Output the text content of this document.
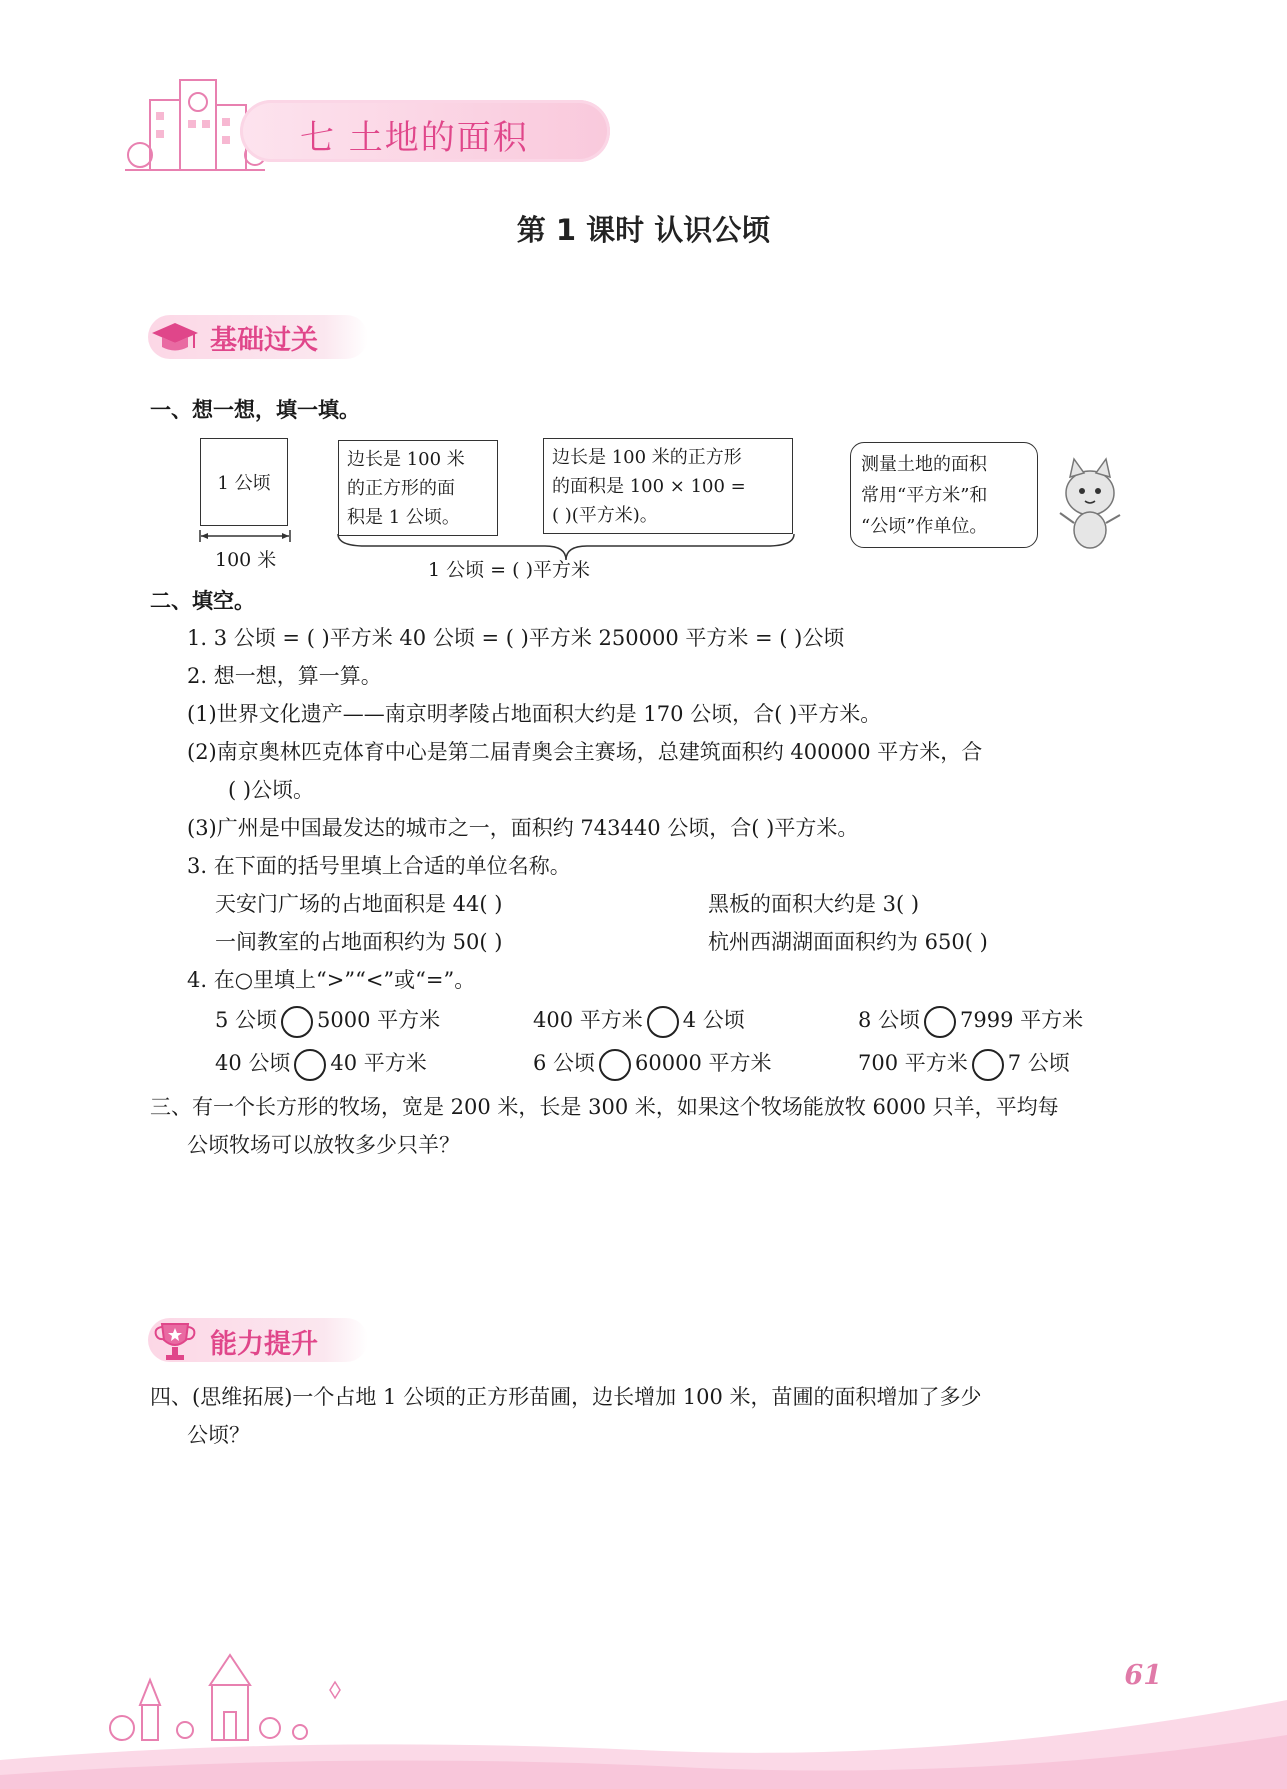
七 土地的面积
第 1 课时 认识公顷
基础过关
一、想一想，填一填。
1 公顷
100 米
边长是 100 米
的正方形的面
积是 1 公顷。
边长是 100 米的正方形
的面积是 100 × 100 =
( )(平方米)。
1 公顷 = ( )平方米
测量土地的面积
常用“平方米”和
“公顷”作单位。
二、填空。
1. 3 公顷 = ( )平方米 40 公顷 = ( )平方米 250000 平方米 = ( )公顷
2. 想一想，算一算。
(1)世界文化遗产——南京明孝陵占地面积大约是 170 公顷，合( )平方米。
(2)南京奥林匹克体育中心是第二届青奥会主赛场，总建筑面积约 400000 平方米，合
( )公顷。
(3)广州是中国最发达的城市之一，面积约 743440 公顷，合( )平方米。
3. 在下面的括号里填上合适的单位名称。
天安门广场的占地面积是 44( )	黑板的面积大约是 3( )
一间教室的占地面积约为 50( )	杭州西湖湖面面积约为 650( )
4. 在○里填上“>”“<”或“=”。
5 公顷 5000 平方米	400 平方米 4 公顷	8 公顷 7999 平方米
40 公顷 40 平方米	6 公顷 60000 平方米	700 平方米 7 公顷
三、有一个长方形的牧场，宽是 200 米，长是 300 米，如果这个牧场能放牧 6000 只羊，平均每
公顷牧场可以放牧多少只羊？
能力提升
四、(思维拓展)一个占地 1 公顷的正方形苗圃，边长增加 100 米，苗圃的面积增加了多少
公顷？
61
